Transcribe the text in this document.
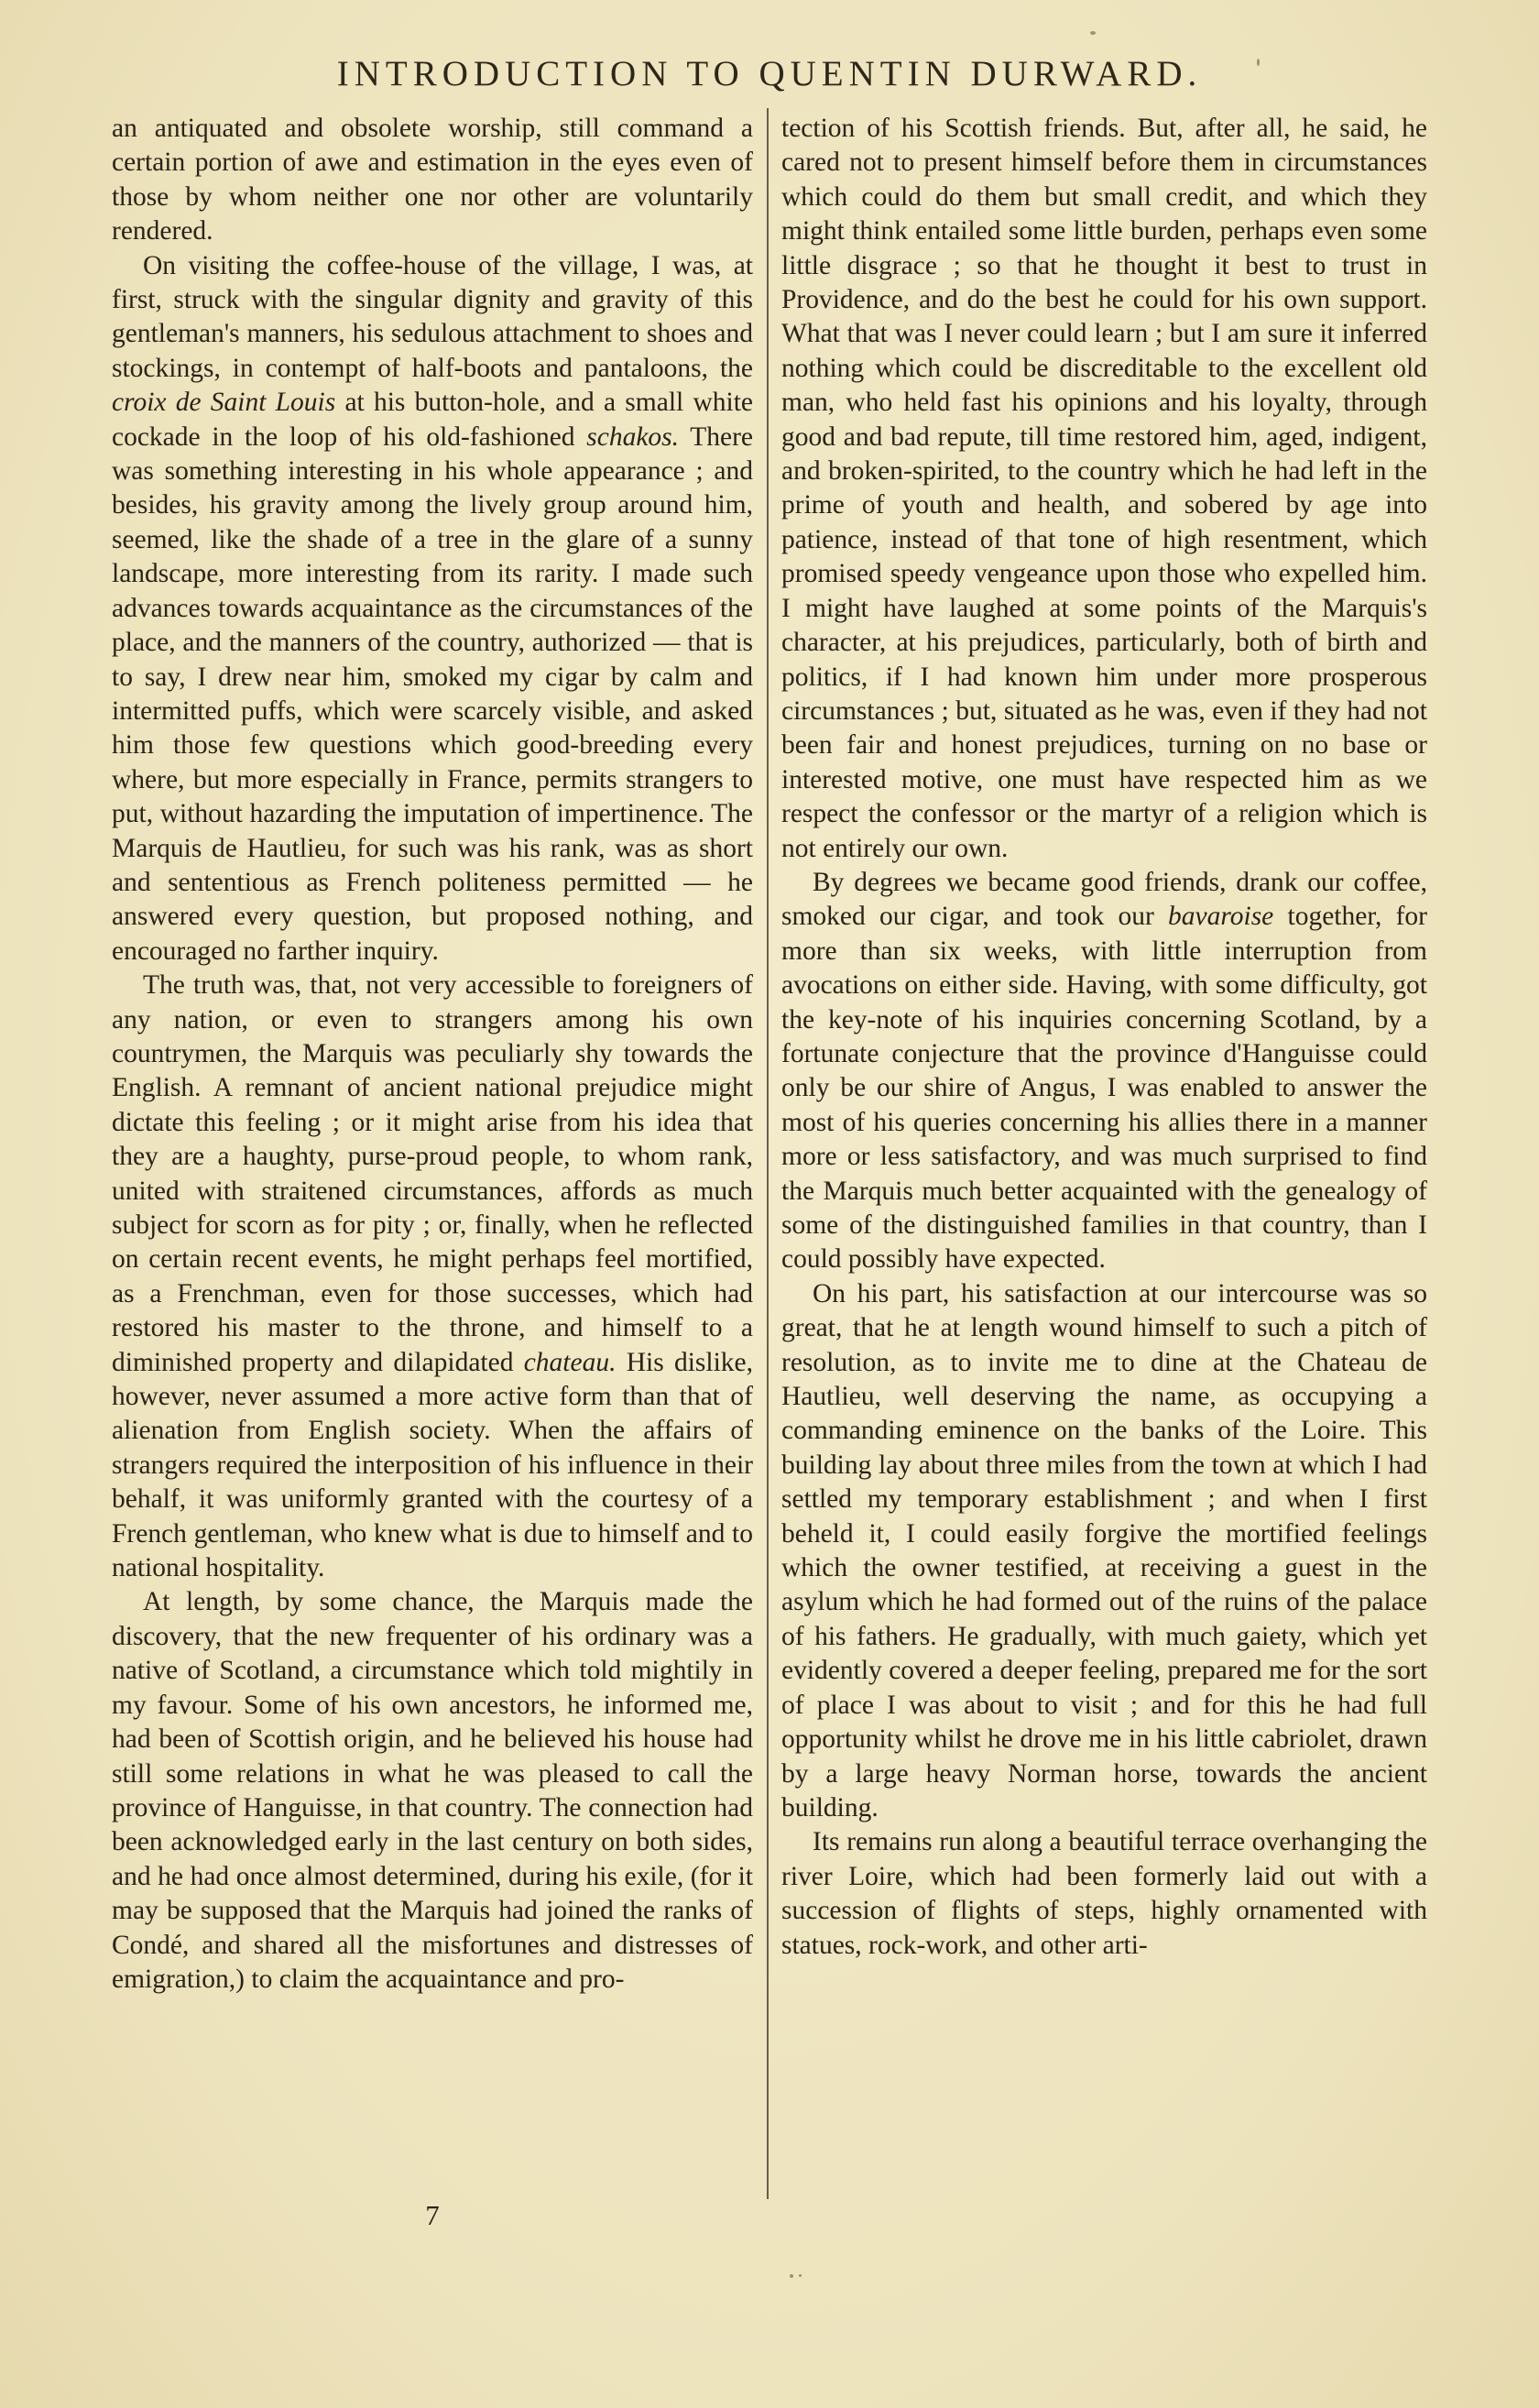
INTRODUCTION TO QUENTIN DURWARD.

an antiquated and obsolete worship, still command a certain portion of awe and estimation in the eyes even of those by whom neither one nor other are voluntarily rendered.

On visiting the coffee-house of the village, I was, at first, struck with the singular dignity and gravity of this gentleman's manners, his sedulous attachment to shoes and stockings, in contempt of half-boots and pantaloons, the croix de Saint Louis at his button-hole, and a small white cockade in the loop of his old-fashioned schakos. There was something interesting in his whole appearance ; and besides, his gravity among the lively group around him, seemed, like the shade of a tree in the glare of a sunny landscape, more interesting from its rarity. I made such advances towards acquaintance as the circumstances of the place, and the manners of the country, authorized — that is to say, I drew near him, smoked my cigar by calm and intermitted puffs, which were scarcely visible, and asked him those few questions which good-breeding every where, but more especially in France, permits strangers to put, without hazarding the imputation of impertinence. The Marquis de Hautlieu, for such was his rank, was as short and sententious as French politeness permitted — he answered every question, but proposed nothing, and encouraged no farther inquiry.

The truth was, that, not very accessible to foreigners of any nation, or even to strangers among his own countrymen, the Marquis was peculiarly shy towards the English. A remnant of ancient national prejudice might dictate this feeling ; or it might arise from his idea that they are a haughty, purse-proud people, to whom rank, united with straitened circumstances, affords as much subject for scorn as for pity ; or, finally, when he reflected on certain recent events, he might perhaps feel mortified, as a Frenchman, even for those successes, which had restored his master to the throne, and himself to a diminished property and dilapidated chateau. His dislike, however, never assumed a more active form than that of alienation from English society. When the affairs of strangers required the interposition of his influence in their behalf, it was uniformly granted with the courtesy of a French gentleman, who knew what is due to himself and to national hospitality.

At length, by some chance, the Marquis made the discovery, that the new frequenter of his ordinary was a native of Scotland, a circumstance which told mightily in my favour. Some of his own ancestors, he informed me, had been of Scottish origin, and he believed his house had still some relations in what he was pleased to call the province of Hanguisse, in that country. The connection had been acknowledged early in the last century on both sides, and he had once almost determined, during his exile, (for it may be supposed that the Marquis had joined the ranks of Condé, and shared all the misfortunes and distresses of emigration,) to claim the acquaintance and pro-

tection of his Scottish friends. But, after all, he said, he cared not to present himself before them in circumstances which could do them but small credit, and which they might think entailed some little burden, perhaps even some little disgrace ; so that he thought it best to trust in Providence, and do the best he could for his own support. What that was I never could learn ; but I am sure it inferred nothing which could be discreditable to the excellent old man, who held fast his opinions and his loyalty, through good and bad repute, till time restored him, aged, indigent, and broken-spirited, to the country which he had left in the prime of youth and health, and sobered by age into patience, instead of that tone of high resentment, which promised speedy vengeance upon those who expelled him. I might have laughed at some points of the Marquis's character, at his prejudices, particularly, both of birth and politics, if I had known him under more prosperous circumstances ; but, situated as he was, even if they had not been fair and honest prejudices, turning on no base or interested motive, one must have respected him as we respect the confessor or the martyr of a religion which is not entirely our own.

By degrees we became good friends, drank our coffee, smoked our cigar, and took our bavaroise together, for more than six weeks, with little interruption from avocations on either side. Having, with some difficulty, got the key-note of his inquiries concerning Scotland, by a fortunate conjecture that the province d'Hanguisse could only be our shire of Angus, I was enabled to answer the most of his queries concerning his allies there in a manner more or less satisfactory, and was much surprised to find the Marquis much better acquainted with the genealogy of some of the distinguished families in that country, than I could possibly have expected.

On his part, his satisfaction at our intercourse was so great, that he at length wound himself to such a pitch of resolution, as to invite me to dine at the Chateau de Hautlieu, well deserving the name, as occupying a commanding eminence on the banks of the Loire. This building lay about three miles from the town at which I had settled my temporary establishment ; and when I first beheld it, I could easily forgive the mortified feelings which the owner testified, at receiving a guest in the asylum which he had formed out of the ruins of the palace of his fathers. He gradually, with much gaiety, which yet evidently covered a deeper feeling, prepared me for the sort of place I was about to visit ; and for this he had full opportunity whilst he drove me in his little cabriolet, drawn by a large heavy Norman horse, towards the ancient building.

Its remains run along a beautiful terrace overhanging the river Loire, which had been formerly laid out with a succession of flights of steps, highly ornamented with statues, rock-work, and other arti-

7
